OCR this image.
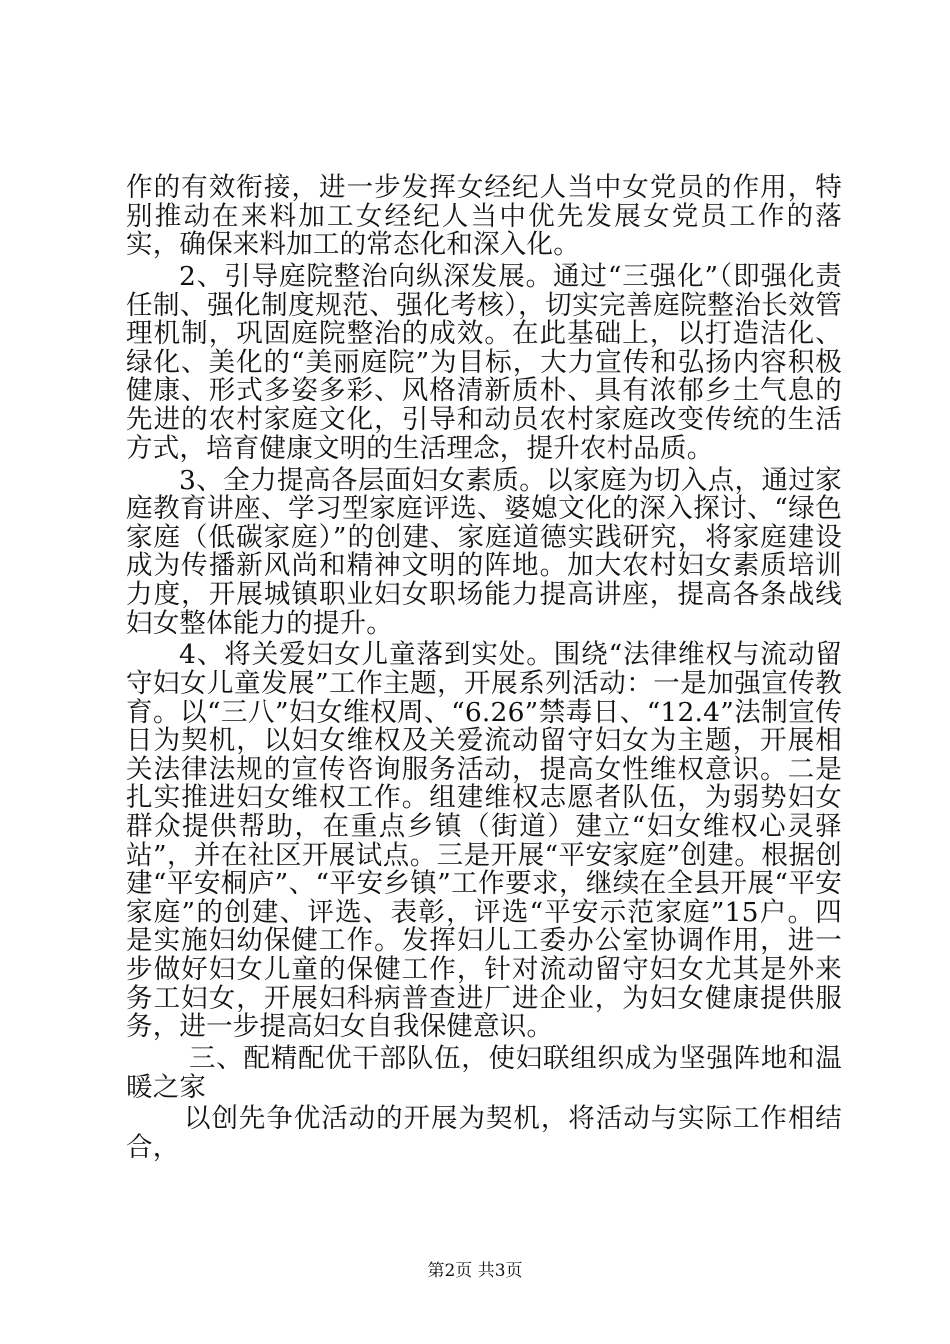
作的有效衔接，进一步发挥女经纪人当中女党员的作用，特别推动在来料加工女经纪人当中优先发展女党员工作的落实，确保来料加工的常态化和深入化。

2、引导庭院整治向纵深发展。通过“三强化”（即强化责任制、强化制度规范、强化考核），切实完善庭院整治长效管理机制，巩固庭院整治的成效。在此基础上，以打造洁化、绿化、美化的“美丽庭院”为目标，大力宣传和弘扬内容积极健康、形式多姿多彩、风格清新质朴、具有浓郁乡土气息的先进的农村家庭文化，引导和动员农村家庭改变传统的生活方式，培育健康文明的生活理念，提升农村品质。

3、全力提高各层面妇女素质。以家庭为切入点，通过家庭教育讲座、学习型家庭评选、婆媳文化的深入探讨、“绿色家庭（低碳家庭）”的创建、家庭道德实践研究，将家庭建设成为传播新风尚和精神文明的阵地。加大农村妇女素质培训力度，开展城镇职业妇女职场能力提高讲座，提高各条战线妇女整体能力的提升。

4、将关爱妇女儿童落到实处。围绕“法律维权与流动留守妇女儿童发展”工作主题，开展系列活动：一是加强宣传教育。以“三八”妇女维权周、“6.26”禁毒日、“12.4”法制宣传日为契机，以妇女维权及关爱流动留守妇女为主题，开展相关法律法规的宣传咨询服务活动，提高女性维权意识。二是扎实推进妇女维权工作。组建维权志愿者队伍，为弱势妇女群众提供帮助，在重点乡镇（街道）建立“妇女维权心灵驿站”，并在社区开展试点。三是开展“平安家庭”创建。根据创建“平安桐庐”、“平安乡镇”工作要求，继续在全县开展“平安家庭”的创建、评选、表彰，评选“平安示范家庭”15户。四是实施妇幼保健工作。发挥妇儿工委办公室协调作用，进一步做好妇女儿童的保健工作，针对流动留守妇女尤其是外来务工妇女，开展妇科病普查进厂进企业，为妇女健康提供服务，进一步提高妇女自我保健意识。

三、配精配优干部队伍，使妇联组织成为坚强阵地和温暖之家

以创先争优活动的开展为契机，将活动与实际工作相结合，

第2页 共3页
